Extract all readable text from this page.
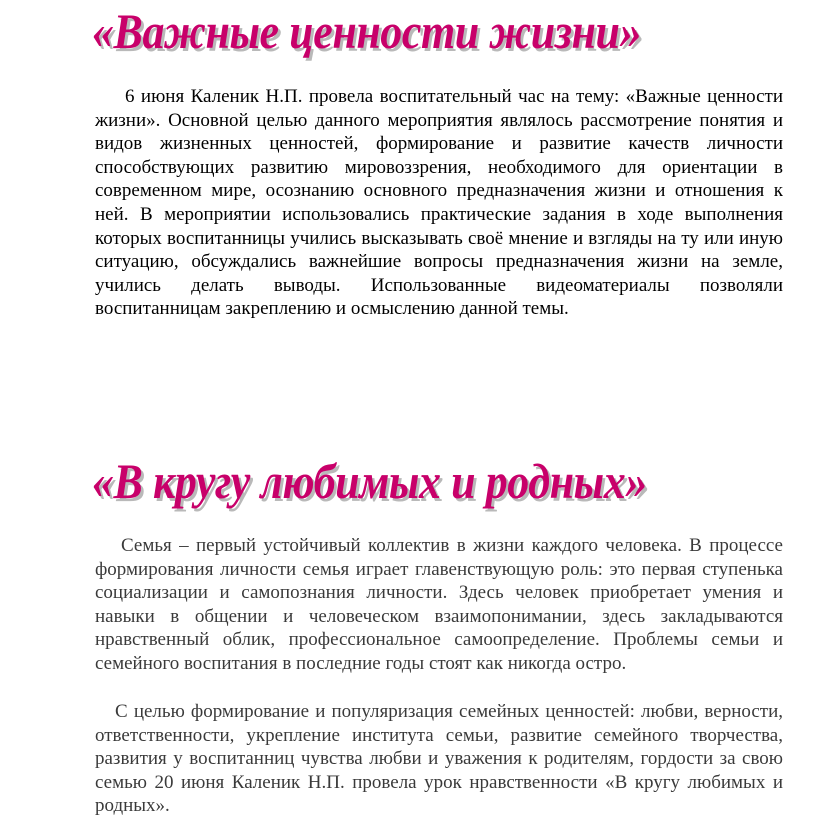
«Важные ценности жизни»

6 июня Каленик Н.П. провела воспитательный час на тему: «Важные ценности жизни». Основной целью данного мероприятия являлось рассмотрение понятия и видов жизненных ценностей, формирование и развитие качеств личности способствующих развитию мировоззрения, необходимого для ориентации в современном мире, осознанию основного предназначения жизни и отношения к ней. В мероприятии использовались практические задания в ходе выполнения которых воспитанницы учились высказывать своё мнение и взгляды на ту или иную ситуацию, обсуждались важнейшие вопросы предназначения жизни на земле, учились делать выводы. Использованные видеоматериалы позволяли воспитанницам закреплению и осмыслению данной темы.

«В кругу любимых и родных»

Семья – первый устойчивый коллектив в жизни каждого человека. В процессе формирования личности семья играет главенствующую роль: это первая ступенька социализации и самопознания личности. Здесь человек приобретает умения и навыки в общении и человеческом взаимопонимании, здесь закладываются нравственный облик, профессиональное самоопределение. Проблемы семьи и семейного воспитания в последние годы стоят как никогда остро.

С целью формирование и популяризация семейных ценностей: любви, верности, ответственности, укрепление института семьи, развитие семейного творчества, развития у воспитанниц чувства любви и уважения к родителям, гордости за свою семью 20 июня Каленик Н.П. провела урок нравственности «В кругу любимых и родных».
